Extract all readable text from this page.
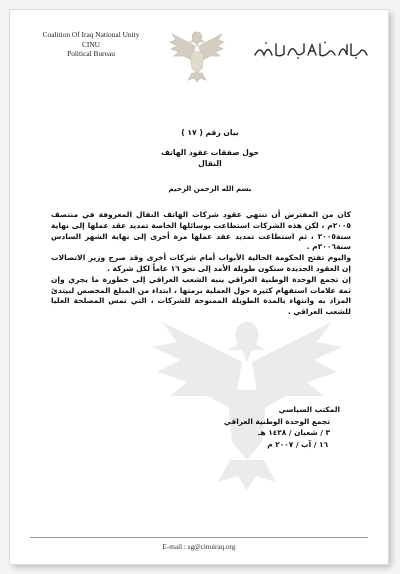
Coalition Of Iraq National Unity
CINU
Political Bureau
بيان رقم ( ١٧ )
حول صفقات عقود الهاتف النقال
بسم الله الرحمن الرحيم

كان من المفترض أن تنتهي عقود شركات الهاتف النقال المعروفة في منتصف ٢٠٠٥م ، لكن هذه الشركات استطاعت بوسائلها الخاصة تمديد عقد عملها إلى نهاية سنة٢٠٠٥ ، ثم استطاعت تمديد عقد عملها مرة أخرى إلى نهاية الشهر السادس سنة٢٠٠٦م .

واليوم تفتح الحكومة الحالية الأبواب أمام شركات أخرى وقد صرح وزير الاتصالات إن العقود الجديدة ستكون طويلة الأمد إلى نحو ١٦ عاماً لكل شركة .

إن تجمع الوحدة الوطنية العراقي ينبه الشعب العراقي إلى خطورة ما يجري وإن ثمة علامات استفهام كثيرة حول العملية برمتها ، ابتداء من المبلغ المخصص لبيتدئ المزاد به وانتهاء بالمدة الطويلة الممنوحة للشركات ، التي تمس المصلحة العليا للشعب العراقي .

المكتب السياسي
تجمع الوحدة الوطنية العراقي
٣ / شعبان / ١٤٢٨ هـ
١٦ / آب / ٢٠٠٧ م
E-mail : sg@cinuiraq.org
